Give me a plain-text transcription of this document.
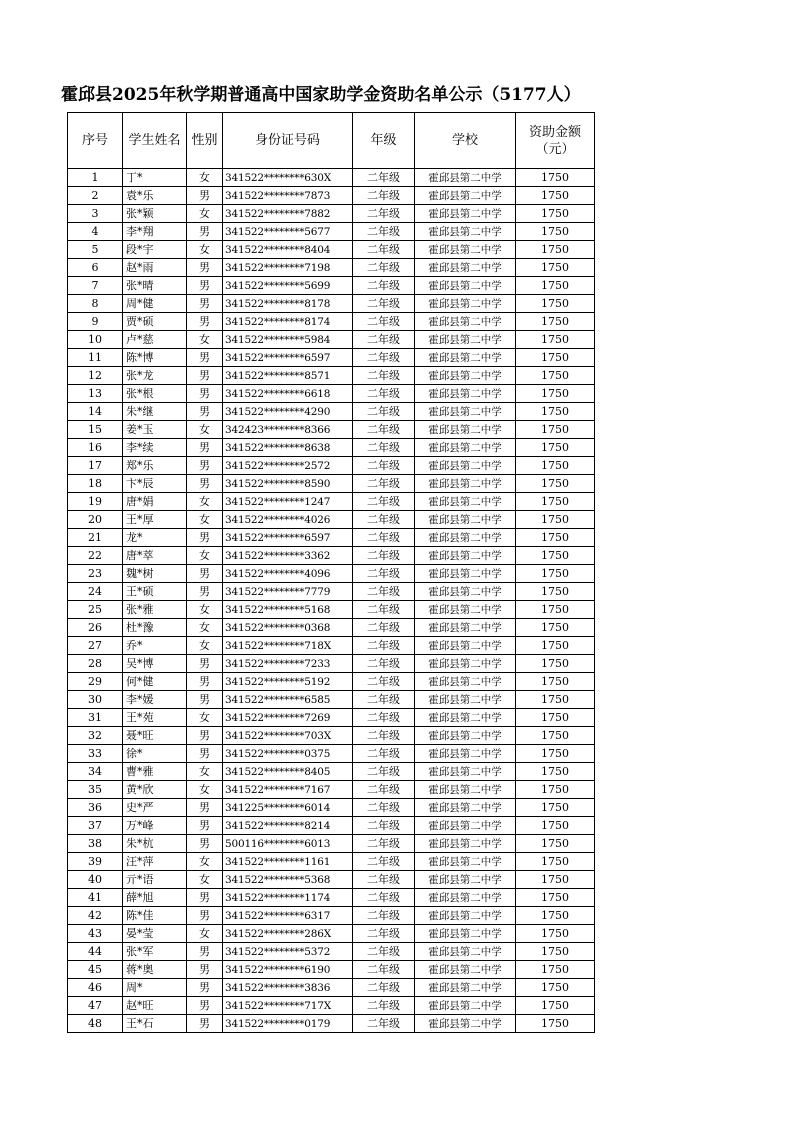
霍邱县2025年秋学期普通高中国家助学金资助名单公示（5177人）
序号	学生姓名	性别	身份证号码	年级	学校	资助金额
（元）

1	丁*	女	341522********630X	二年级	霍邱县第二中学	1750
2	袁*乐	男	341522********7873	二年级	霍邱县第二中学	1750
3	张*颖	女	341522********7882	二年级	霍邱县第二中学	1750
4	李*翔	男	341522********5677	二年级	霍邱县第二中学	1750
5	段*宇	女	341522********8404	二年级	霍邱县第二中学	1750
6	赵*雨	男	341522********7198	二年级	霍邱县第二中学	1750
7	张*晴	男	341522********5699	二年级	霍邱县第二中学	1750
8	周*健	男	341522********8178	二年级	霍邱县第二中学	1750
9	贾*硕	男	341522********8174	二年级	霍邱县第二中学	1750
10	卢*慈	女	341522********5984	二年级	霍邱县第二中学	1750
11	陈*博	男	341522********6597	二年级	霍邱县第二中学	1750
12	张*龙	男	341522********8571	二年级	霍邱县第二中学	1750
13	张*根	男	341522********6618	二年级	霍邱县第二中学	1750
14	朱*继	男	341522********4290	二年级	霍邱县第二中学	1750
15	姜*玉	女	342423********8366	二年级	霍邱县第二中学	1750
16	李*续	男	341522********8638	二年级	霍邱县第二中学	1750
17	郑*乐	男	341522********2572	二年级	霍邱县第二中学	1750
18	卞*辰	男	341522********8590	二年级	霍邱县第二中学	1750
19	唐*娟	女	341522********1247	二年级	霍邱县第二中学	1750
20	王*厚	女	341522********4026	二年级	霍邱县第二中学	1750
21	龙*	男	341522********6597	二年级	霍邱县第二中学	1750
22	唐*萃	女	341522********3362	二年级	霍邱县第二中学	1750
23	魏*树	男	341522********4096	二年级	霍邱县第二中学	1750
24	王*硕	男	341522********7779	二年级	霍邱县第二中学	1750
25	张*雅	女	341522********5168	二年级	霍邱县第二中学	1750
26	杜*豫	女	341522********0368	二年级	霍邱县第二中学	1750
27	乔*	女	341522********718X	二年级	霍邱县第二中学	1750
28	吴*博	男	341522********7233	二年级	霍邱县第二中学	1750
29	何*健	男	341522********5192	二年级	霍邱县第二中学	1750
30	李*媛	男	341522********6585	二年级	霍邱县第二中学	1750
31	王*苑	女	341522********7269	二年级	霍邱县第二中学	1750
32	聂*旺	男	341522********703X	二年级	霍邱县第二中学	1750
33	徐*	男	341522********0375	二年级	霍邱县第二中学	1750
34	曹*雅	女	341522********8405	二年级	霍邱县第二中学	1750
35	黄*欣	女	341522********7167	二年级	霍邱县第二中学	1750
36	史*严	男	341225********6014	二年级	霍邱县第二中学	1750
37	万*峰	男	341522********8214	二年级	霍邱县第二中学	1750
38	朱*杭	男	500116********6013	二年级	霍邱县第二中学	1750
39	汪*萍	女	341522********1161	二年级	霍邱县第二中学	1750
40	亓*语	女	341522********5368	二年级	霍邱县第二中学	1750
41	薛*旭	男	341522********1174	二年级	霍邱县第二中学	1750
42	陈*佳	男	341522********6317	二年级	霍邱县第二中学	1750
43	晏*莹	女	341522********286X	二年级	霍邱县第二中学	1750
44	张*军	男	341522********5372	二年级	霍邱县第二中学	1750
45	蒋*奥	男	341522********6190	二年级	霍邱县第二中学	1750
46	周*	男	341522********3836	二年级	霍邱县第二中学	1750
47	赵*旺	男	341522********717X	二年级	霍邱县第二中学	1750
48	王*石	男	341522********0179	二年级	霍邱县第二中学	1750
